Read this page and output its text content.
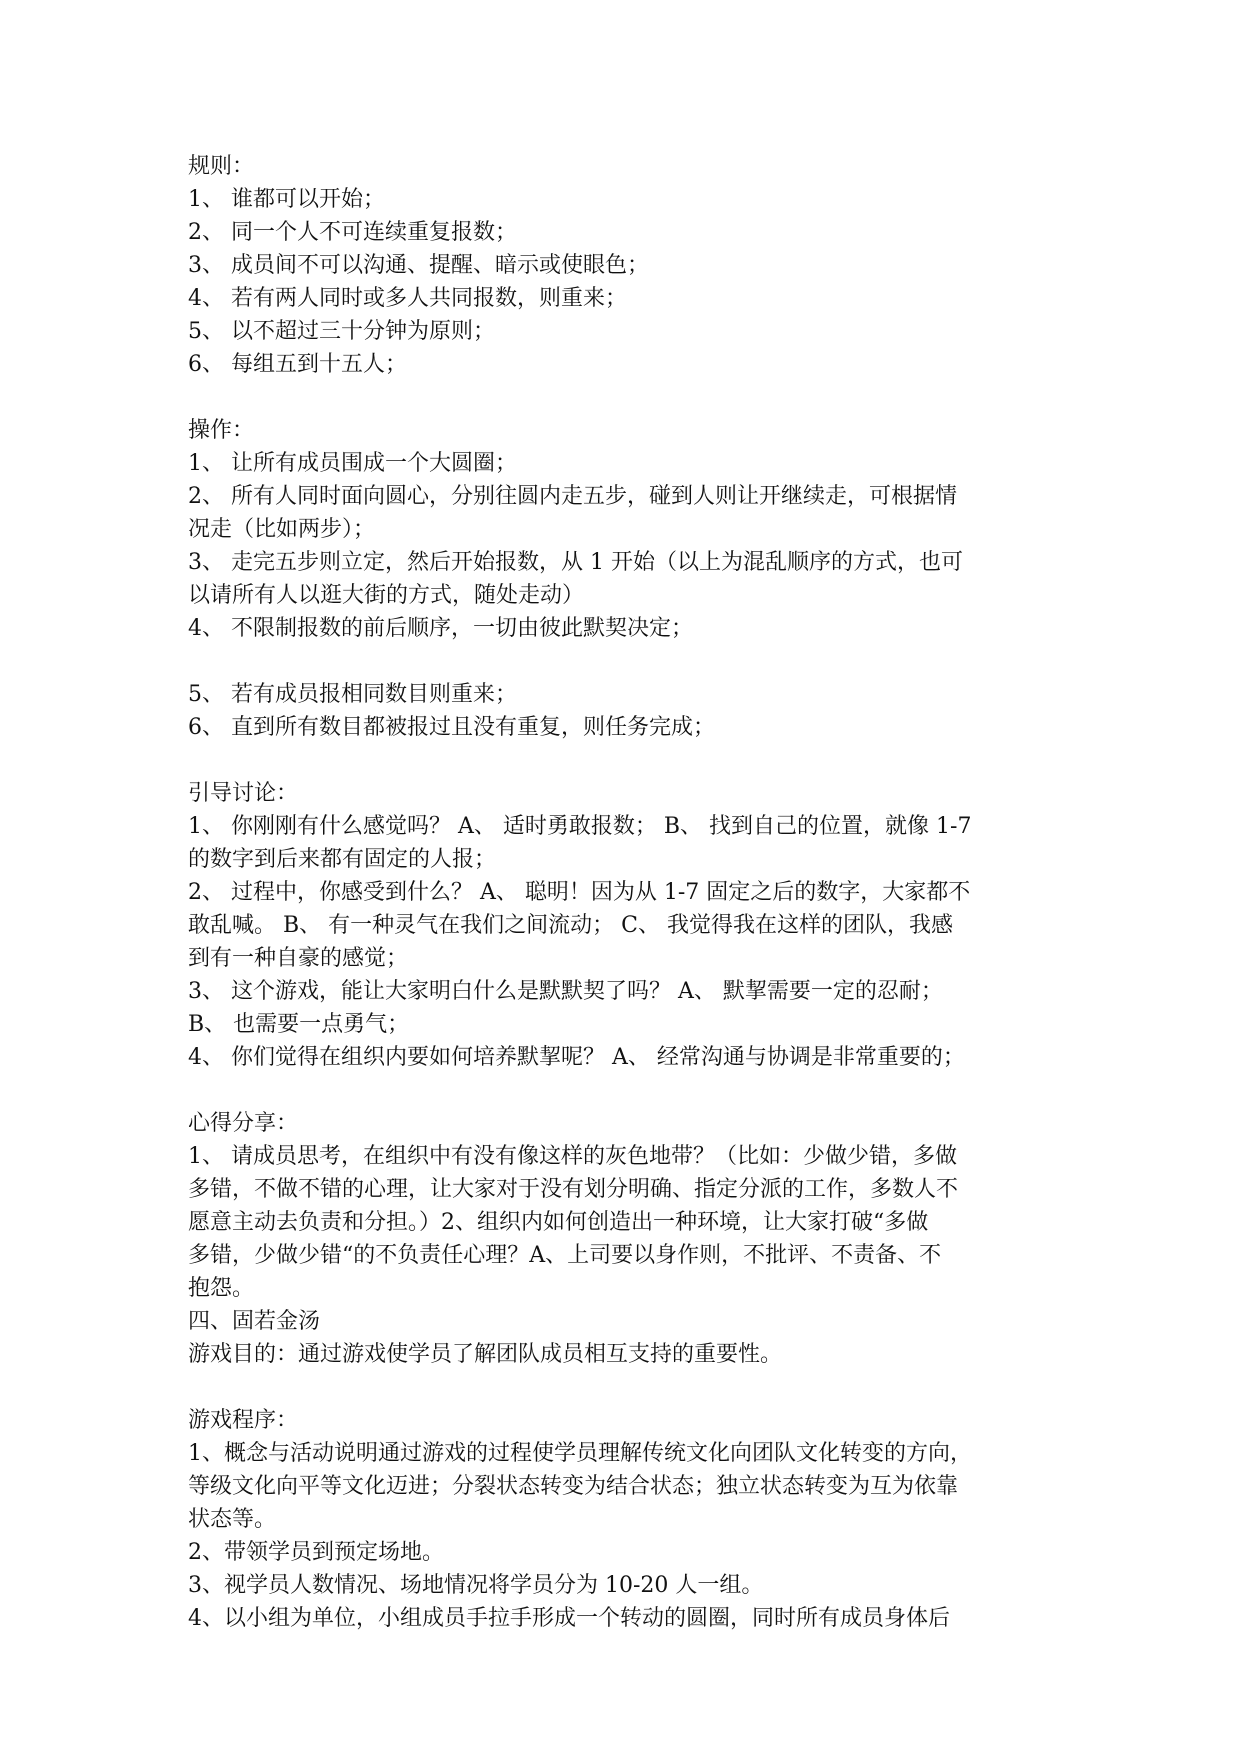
规则：
1、 谁都可以开始；
2、 同一个人不可连续重复报数；
3、 成员间不可以沟通、提醒、暗示或使眼色；
4、 若有两人同时或多人共同报数，则重来；
5、 以不超过三十分钟为原则；
6、 每组五到十五人；
操作：
1、 让所有成员围成一个大圆圈；
2、 所有人同时面向圆心，分别往圆内走五步，碰到人则让开继续走，可根据情
况走（比如两步）；
3、 走完五步则立定，然后开始报数，从 1 开始（以上为混乱顺序的方式，也可
以请所有人以逛大街的方式，随处走动）
4、 不限制报数的前后顺序，一切由彼此默契决定；
5、 若有成员报相同数目则重来；
6、 直到所有数目都被报过且没有重复，则任务完成；
引导讨论：
1、 你刚刚有什么感觉吗？ A、 适时勇敢报数； B、 找到自己的位置，就像 1-7
的数字到后来都有固定的人报；
2、 过程中，你感受到什么？ A、 聪明！因为从 1-7 固定之后的数字，大家都不
敢乱喊。 B、 有一种灵气在我们之间流动； C、 我觉得我在这样的团队，我感
到有一种自豪的感觉；
3、 这个游戏，能让大家明白什么是默默契了吗？ A、 默挈需要一定的忍耐；
B、 也需要一点勇气；
4、 你们觉得在组织内要如何培养默挈呢？ A、 经常沟通与协调是非常重要的；
心得分享：
1、 请成员思考，在组织中有没有像这样的灰色地带？（比如：少做少错，多做
多错，不做不错的心理，让大家对于没有划分明确、指定分派的工作，多数人不
愿意主动去负责和分担。）2、组织内如何创造出一种环境，让大家打破“多做
多错，少做少错“的不负责任心理？A、上司要以身作则，不批评、不责备、不
抱怨。
四、固若金汤
游戏目的：通过游戏使学员了解团队成员相互支持的重要性。
游戏程序：
1、概念与活动说明通过游戏的过程使学员理解传统文化向团队文化转变的方向，
等级文化向平等文化迈进；分裂状态转变为结合状态；独立状态转变为互为依靠
状态等。
2、带领学员到预定场地。
3、视学员人数情况、场地情况将学员分为 10-20 人一组。
4、以小组为单位，小组成员手拉手形成一个转动的圆圈，同时所有成员身体后
